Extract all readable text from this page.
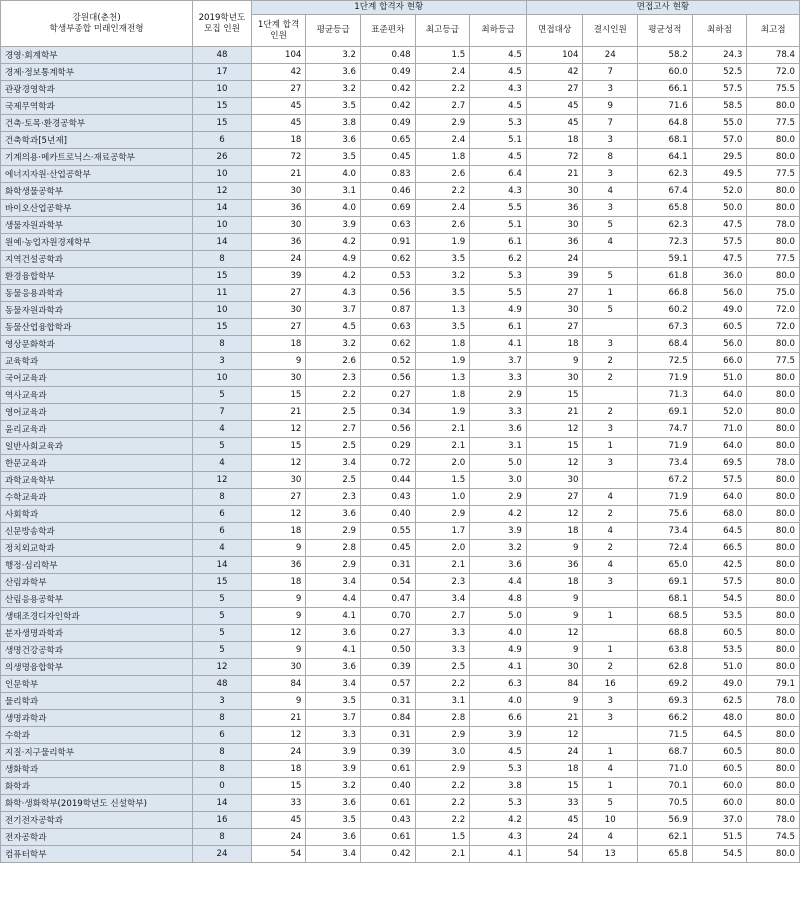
강원대(춘천)
학생부종합 미래인재전형	2019학년도
모집 인원	1단계 합격자 현황					면접고사 현황				
		1단계 합격 인원	평균등급	표준편차	최고등급	최하등급	면접대상	결시인원	평균성적	최하점	최고점
경영·회계학부	48	104	3.2	0.48	1.5	4.5	104	24	58.2	24.3	78.4
경제·정보통계학부	17	42	3.6	0.49	2.4	4.5	42	7	60.0	52.5	72.0
관광경영학과	10	27	3.2	0.42	2.2	4.3	27	3	66.1	57.5	75.5
국제무역학과	15	45	3.5	0.42	2.7	4.5	45	9	71.6	58.5	80.0
건축·토목·환경공학부	15	45	3.8	0.49	2.9	5.3	45	7	64.8	55.0	77.5
건축학과[5년제]	6	18	3.6	0.65	2.4	5.1	18	3	68.1	57.0	80.0
기계의용·메카트로닉스·재료공학부	26	72	3.5	0.45	1.8	4.5	72	8	64.1	29.5	80.0
에너지자원·산업공학부	10	21	4.0	0.83	2.6	6.4	21	3	62.3	49.5	77.5
화학생물공학부	12	30	3.1	0.46	2.2	4.3	30	4	67.4	52.0	80.0
바이오산업공학부	14	36	4.0	0.69	2.4	5.5	36	3	65.8	50.0	80.0
생물자원과학부	10	30	3.9	0.63	2.6	5.1	30	5	62.3	47.5	78.0
원예·농업자원경제학부	14	36	4.2	0.91	1.9	6.1	36	4	72.3	57.5	80.0
지역건설공학과	8	24	4.9	0.62	3.5	6.2	24		59.1	47.5	77.5
환경융합학부	15	39	4.2	0.53	3.2	5.3	39	5	61.8	36.0	80.0
동물응용과학과	11	27	4.3	0.56	3.5	5.5	27	1	66.8	56.0	75.0
동물자원과학과	10	30	3.7	0.87	1.3	4.9	30	5	60.2	49.0	72.0
동물산업융합학과	15	27	4.5	0.63	3.5	6.1	27		67.3	60.5	72.0
영상문화학과	8	18	3.2	0.62	1.8	4.1	18	3	68.4	56.0	80.0
교육학과	3	9	2.6	0.52	1.9	3.7	9	2	72.5	66.0	77.5
국어교육과	10	30	2.3	0.56	1.3	3.3	30	2	71.9	51.0	80.0
역사교육과	5	15	2.2	0.27	1.8	2.9	15		71.3	64.0	80.0
영어교육과	7	21	2.5	0.34	1.9	3.3	21	2	69.1	52.0	80.0
윤리교육과	4	12	2.7	0.56	2.1	3.6	12	3	74.7	71.0	80.0
일반사회교육과	5	15	2.5	0.29	2.1	3.1	15	1	71.9	64.0	80.0
한문교육과	4	12	3.4	0.72	2.0	5.0	12	3	73.4	69.5	78.0
과학교육학부	12	30	2.5	0.44	1.5	3.0	30		67.2	57.5	80.0
수학교육과	8	27	2.3	0.43	1.0	2.9	27	4	71.9	64.0	80.0
사회학과	6	12	3.6	0.40	2.9	4.2	12	2	75.6	68.0	80.0
신문방송학과	6	18	2.9	0.55	1.7	3.9	18	4	73.4	64.5	80.0
정치외교학과	4	9	2.8	0.45	2.0	3.2	9	2	72.4	66.5	80.0
행정·심리학부	14	36	2.9	0.31	2.1	3.6	36	4	65.0	42.5	80.0
산림과학부	15	18	3.4	0.54	2.3	4.4	18	3	69.1	57.5	80.0
산림응용공학부	5	9	4.4	0.47	3.4	4.8	9		68.1	54.5	80.0
생태조경디자인학과	5	9	4.1	0.70	2.7	5.0	9	1	68.5	53.5	80.0
분자생명과학과	5	12	3.6	0.27	3.3	4.0	12		68.8	60.5	80.0
생명건강공학과	5	9	4.1	0.50	3.3	4.9	9	1	63.8	53.5	80.0
의생명융합학부	12	30	3.6	0.39	2.5	4.1	30	2	62.8	51.0	80.0
인문학부	48	84	3.4	0.57	2.2	6.3	84	16	69.2	49.0	79.1
물리학과	3	9	3.5	0.31	3.1	4.0	9	3	69.3	62.5	78.0
생명과학과	8	21	3.7	0.84	2.8	6.6	21	3	66.2	48.0	80.0
수학과	6	12	3.3	0.31	2.9	3.9	12		71.5	64.5	80.0
지질·지구물리학부	8	24	3.9	0.39	3.0	4.5	24	1	68.7	60.5	80.0
생화학과	8	18	3.9	0.61	2.9	5.3	18	4	71.0	60.5	80.0
화학과	0	15	3.2	0.40	2.2	3.8	15	1	70.1	60.0	80.0
화학·생화학부(2019학년도 신설학부)	14	33	3.6	0.61	2.2	5.3	33	5	70.5	60.0	80.0
전기전자공학과	16	45	3.5	0.43	2.2	4.2	45	10	56.9	37.0	78.0
전자공학과	8	24	3.6	0.61	1.5	4.3	24	4	62.1	51.5	74.5
컴퓨터학부	24	54	3.4	0.42	2.1	4.1	54	13	65.8	54.5	80.0
